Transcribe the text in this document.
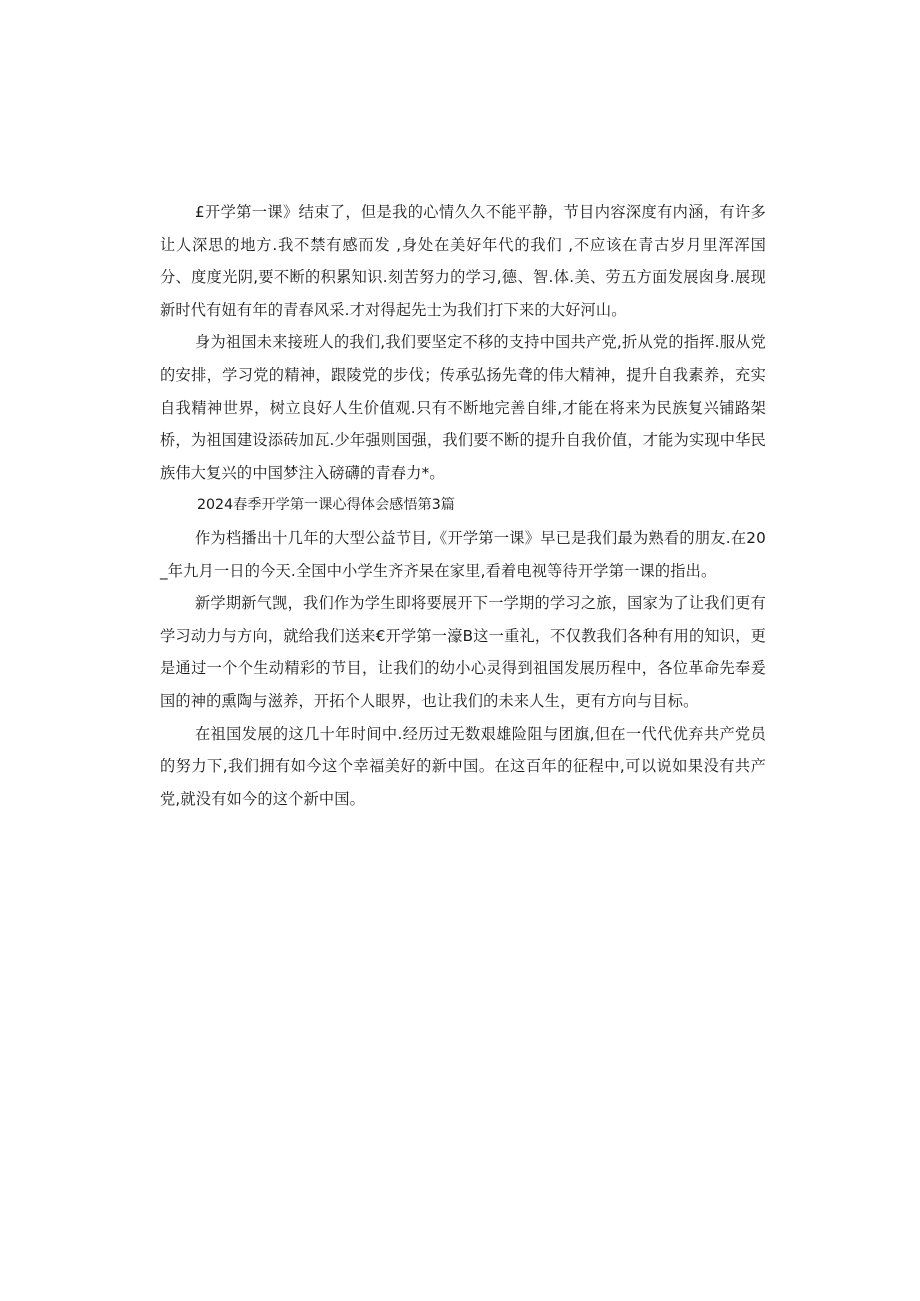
£开学第一课》结束了，但是我的心情久久不能平静，节目内容深度有内涵，有许多让人深思的地方.我不禁有感而发 ,身处在美好年代的我们 ,不应该在青古岁月里浑浑国分、度度光阴,要不断的积累知识.刻苦努力的学习,德、智.体.美、劳五方面发展囱身.展现新时代有妞有年的青春风采.才对得起先士为我们打下来的大好河山。

身为祖国未来接班人的我们,我们要坚定不移的支持中国共产党,折从党的指挥.服从党的安排，学习党的精神，跟陵党的步伐；传承弘扬先聋的伟大精神，提升自我素养，充实自我精神世界，树立良好人生价值观.只有不断地完善自绯,才能在将来为民族复兴铺路架桥，为祖国建设添砖加瓦.少年强则国强，我们要不断的提升自我价值，才能为实现中华民族伟大复兴的中国梦注入磅礴的青春力*。

2024春季开学第一课心得体会感悟第3篇

作为档播出十几年的大型公益节目,《开学第一课》早已是我们最为熟看的朋友.在20_年九月一日的今天.全国中小学生齐齐杲在家里,看着电视等待开学第一课的指出。

新学期新气觊，我们作为学生即将要展开下一学期的学习之旅，国家为了让我们更有学习动力与方向，就给我们送来€开学第一濠B这一重礼，不仅教我们各种有用的知识，更是通过一个个生动精彩的节目，让我们的幼小心灵得到祖国发展历程中，各位革命先奉爰国的神的熏陶与滋养，开拓个人眼界，也让我们的未来人生，更有方向与目标。

在祖国发展的这几十年时间中.经历过无数艰雄险阻与团旗,但在一代代优弃共产党员的努力下,我们拥有如今这个幸福美好的新中国。在这百年的征程中,可以说如果没有共产党,就没有如今的这个新中国。
